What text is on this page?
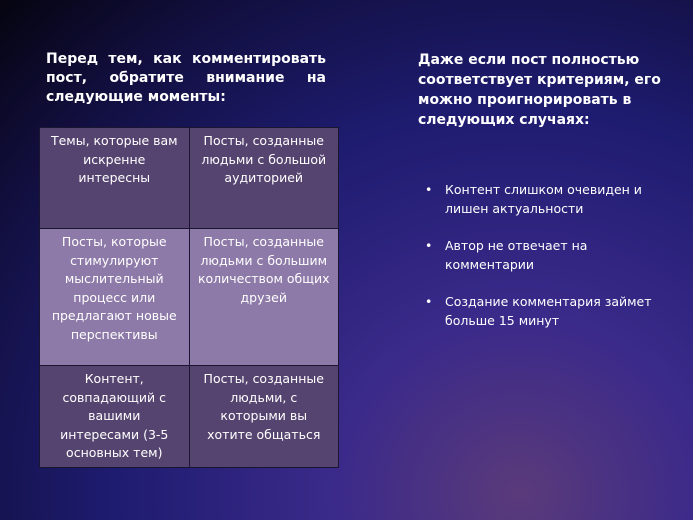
Перед тем, как комментировать пост, обратите внимание на следующие моменты:
Даже если пост полностью соответствует критериям, его можно проигнорировать в следующих случаях:
Темы, которые вам искренне интересны	Посты, созданные людьми с большой аудиторией
Посты, которые стимулируют мыслительный процесс или предлагают новые перспективы	Посты, созданные людьми с большим количеством общих друзей
Контент, совпадающий с вашими интересами (3-5 основных тем)	Посты, созданные людьми, с которыми вы хотите общаться
• Контент слишком очевиден и лишен актуальности
• Автор не отвечает на комментарии
• Создание комментария займет больше 15 минут
